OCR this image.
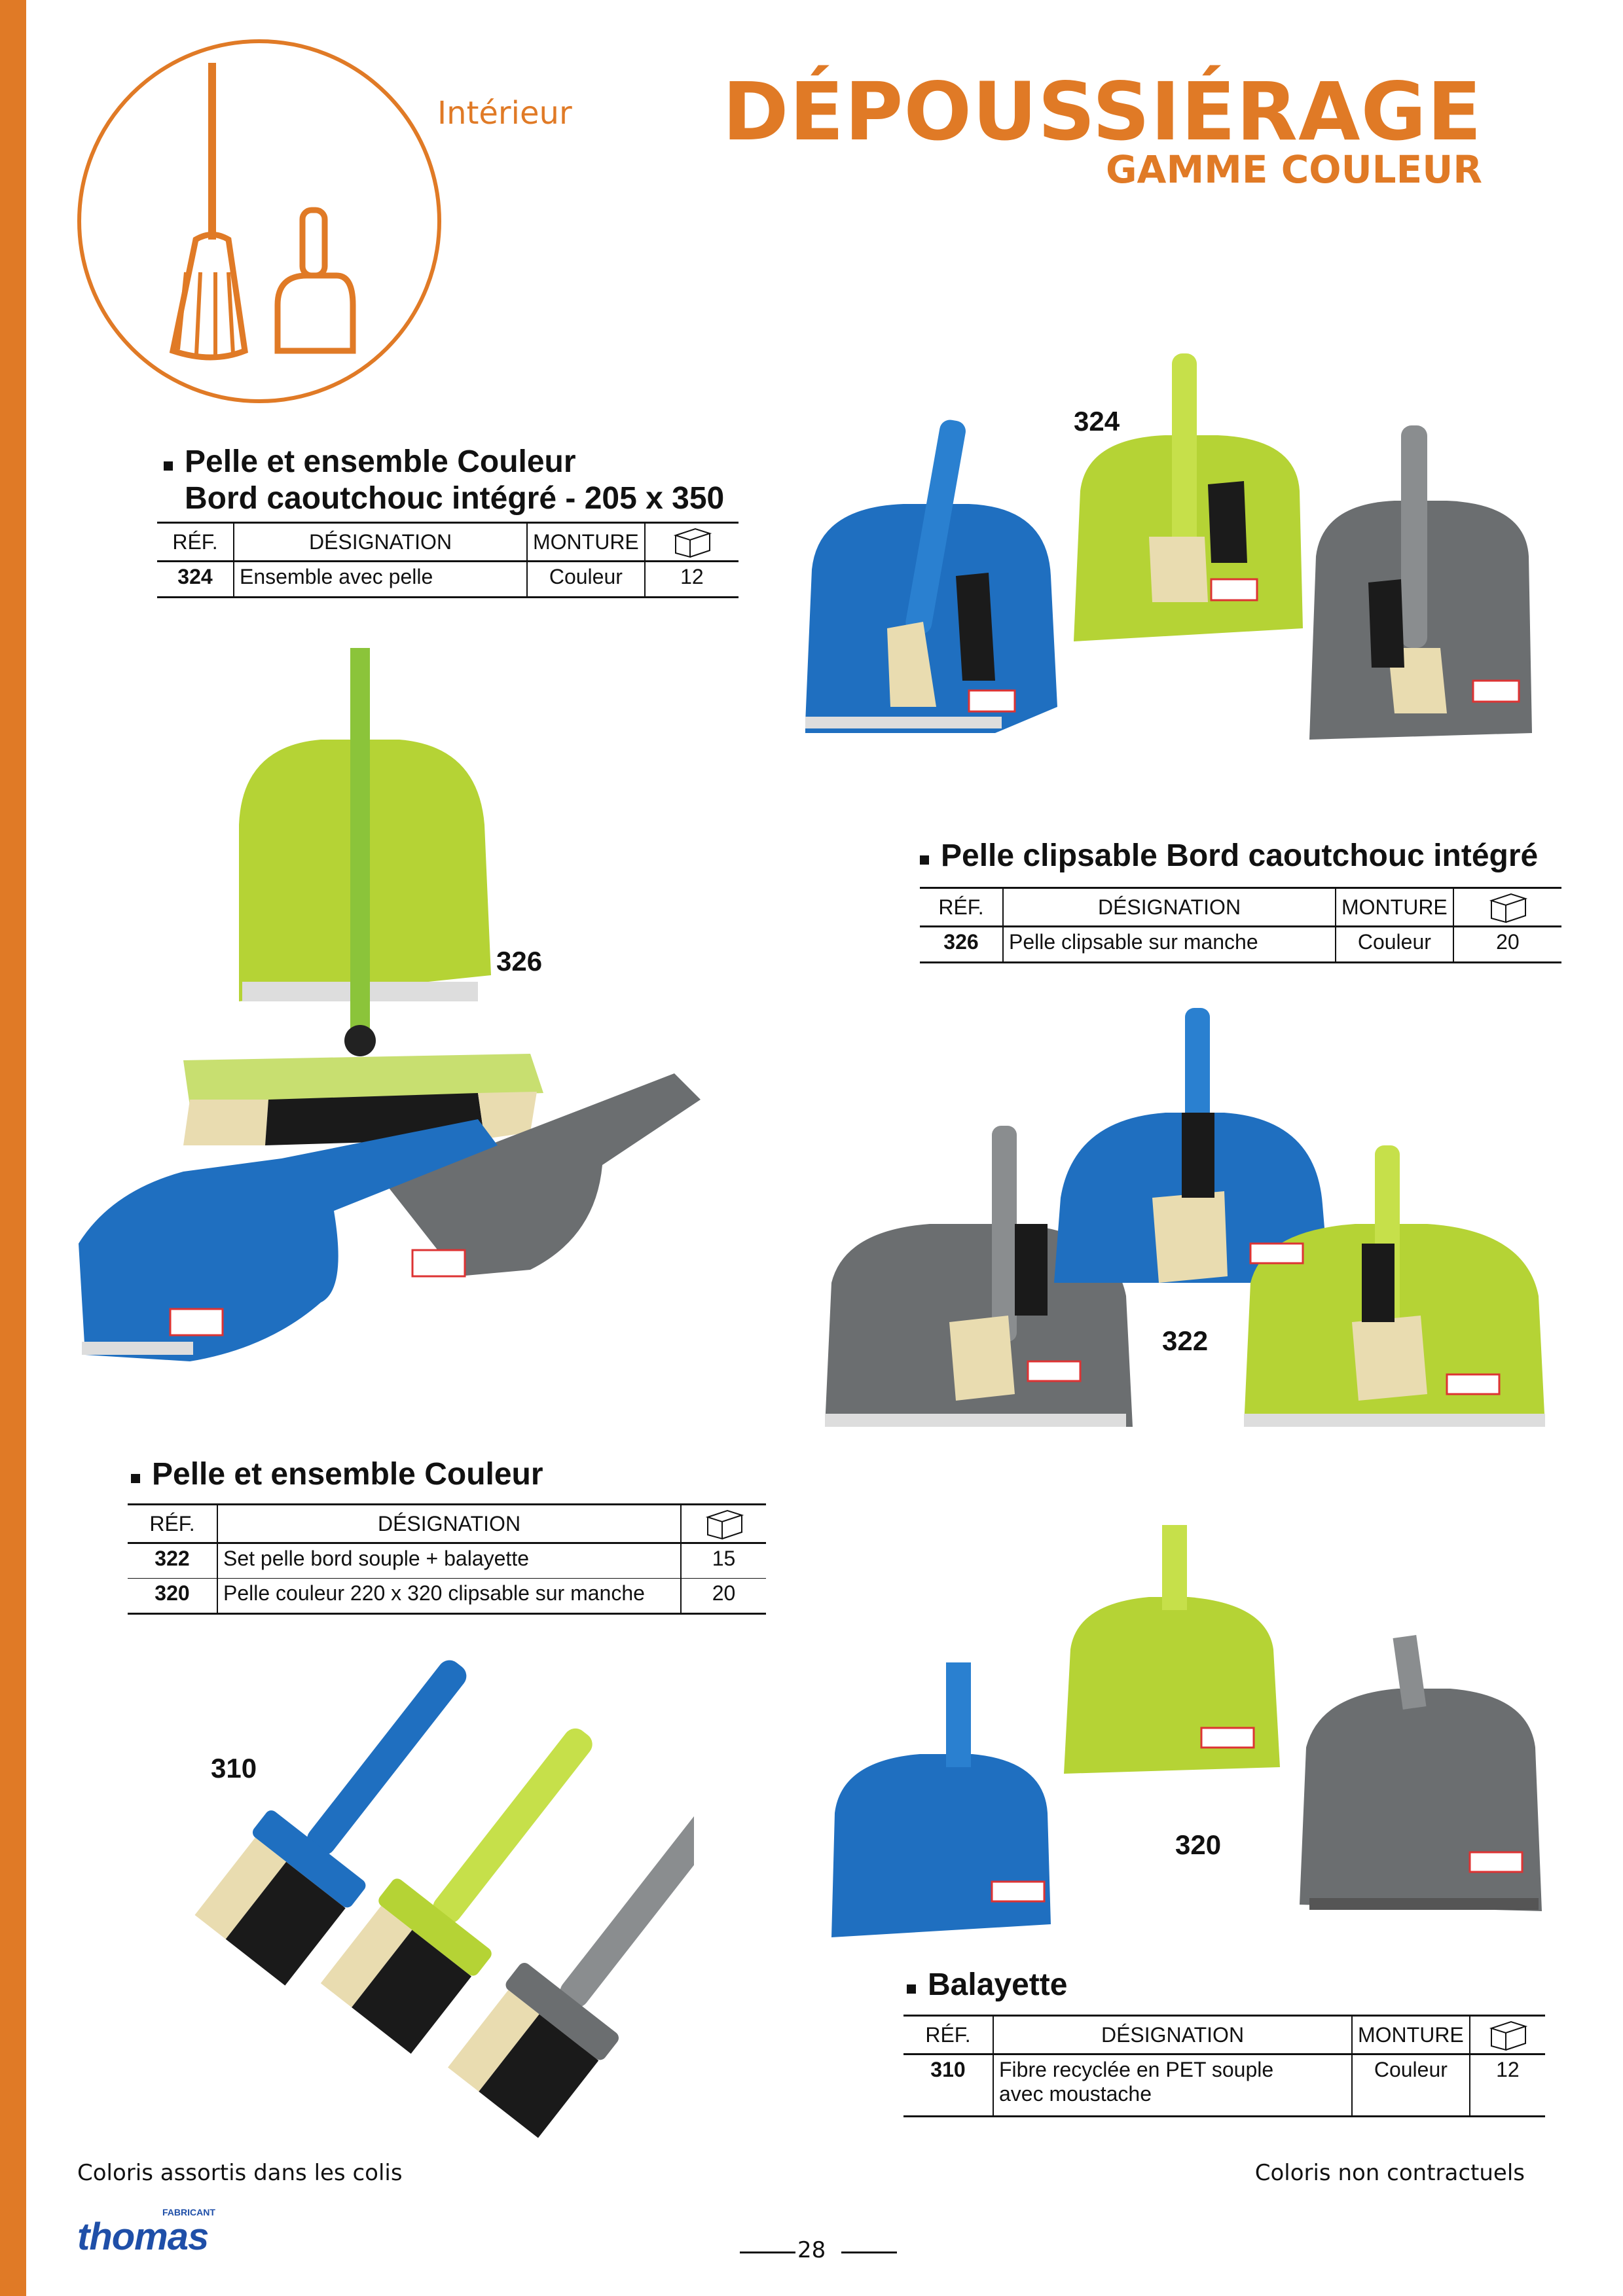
Intérieur DÉPOUSSIÉRAGE
GAMME COULEUR
Pelle et ensemble Couleur
Bord caoutchouc intégré - 205 x 350
RÉF.	DÉSIGNATION	MONTURE	

324	Ensemble avec pelle	Couleur	12
324
326
Pelle clipsable Bord caoutchouc intégré
RÉF.	DÉSIGNATION	MONTURE	

326	Pelle clipsable sur manche	Couleur	20
322
Pelle et ensemble Couleur
RÉF.	DÉSIGNATION	

322	Set pelle bord souple + balayette	15
320	Pelle couleur 220 x 320 clipsable sur manche	20
320
310
Balayette
RÉF.	DÉSIGNATION	MONTURE	

310	Fibre recyclée en PET souple
avec moustache	Couleur	12
Coloris assortis dans les colis	Coloris non contractuels
thomas
FABRICANT
28
